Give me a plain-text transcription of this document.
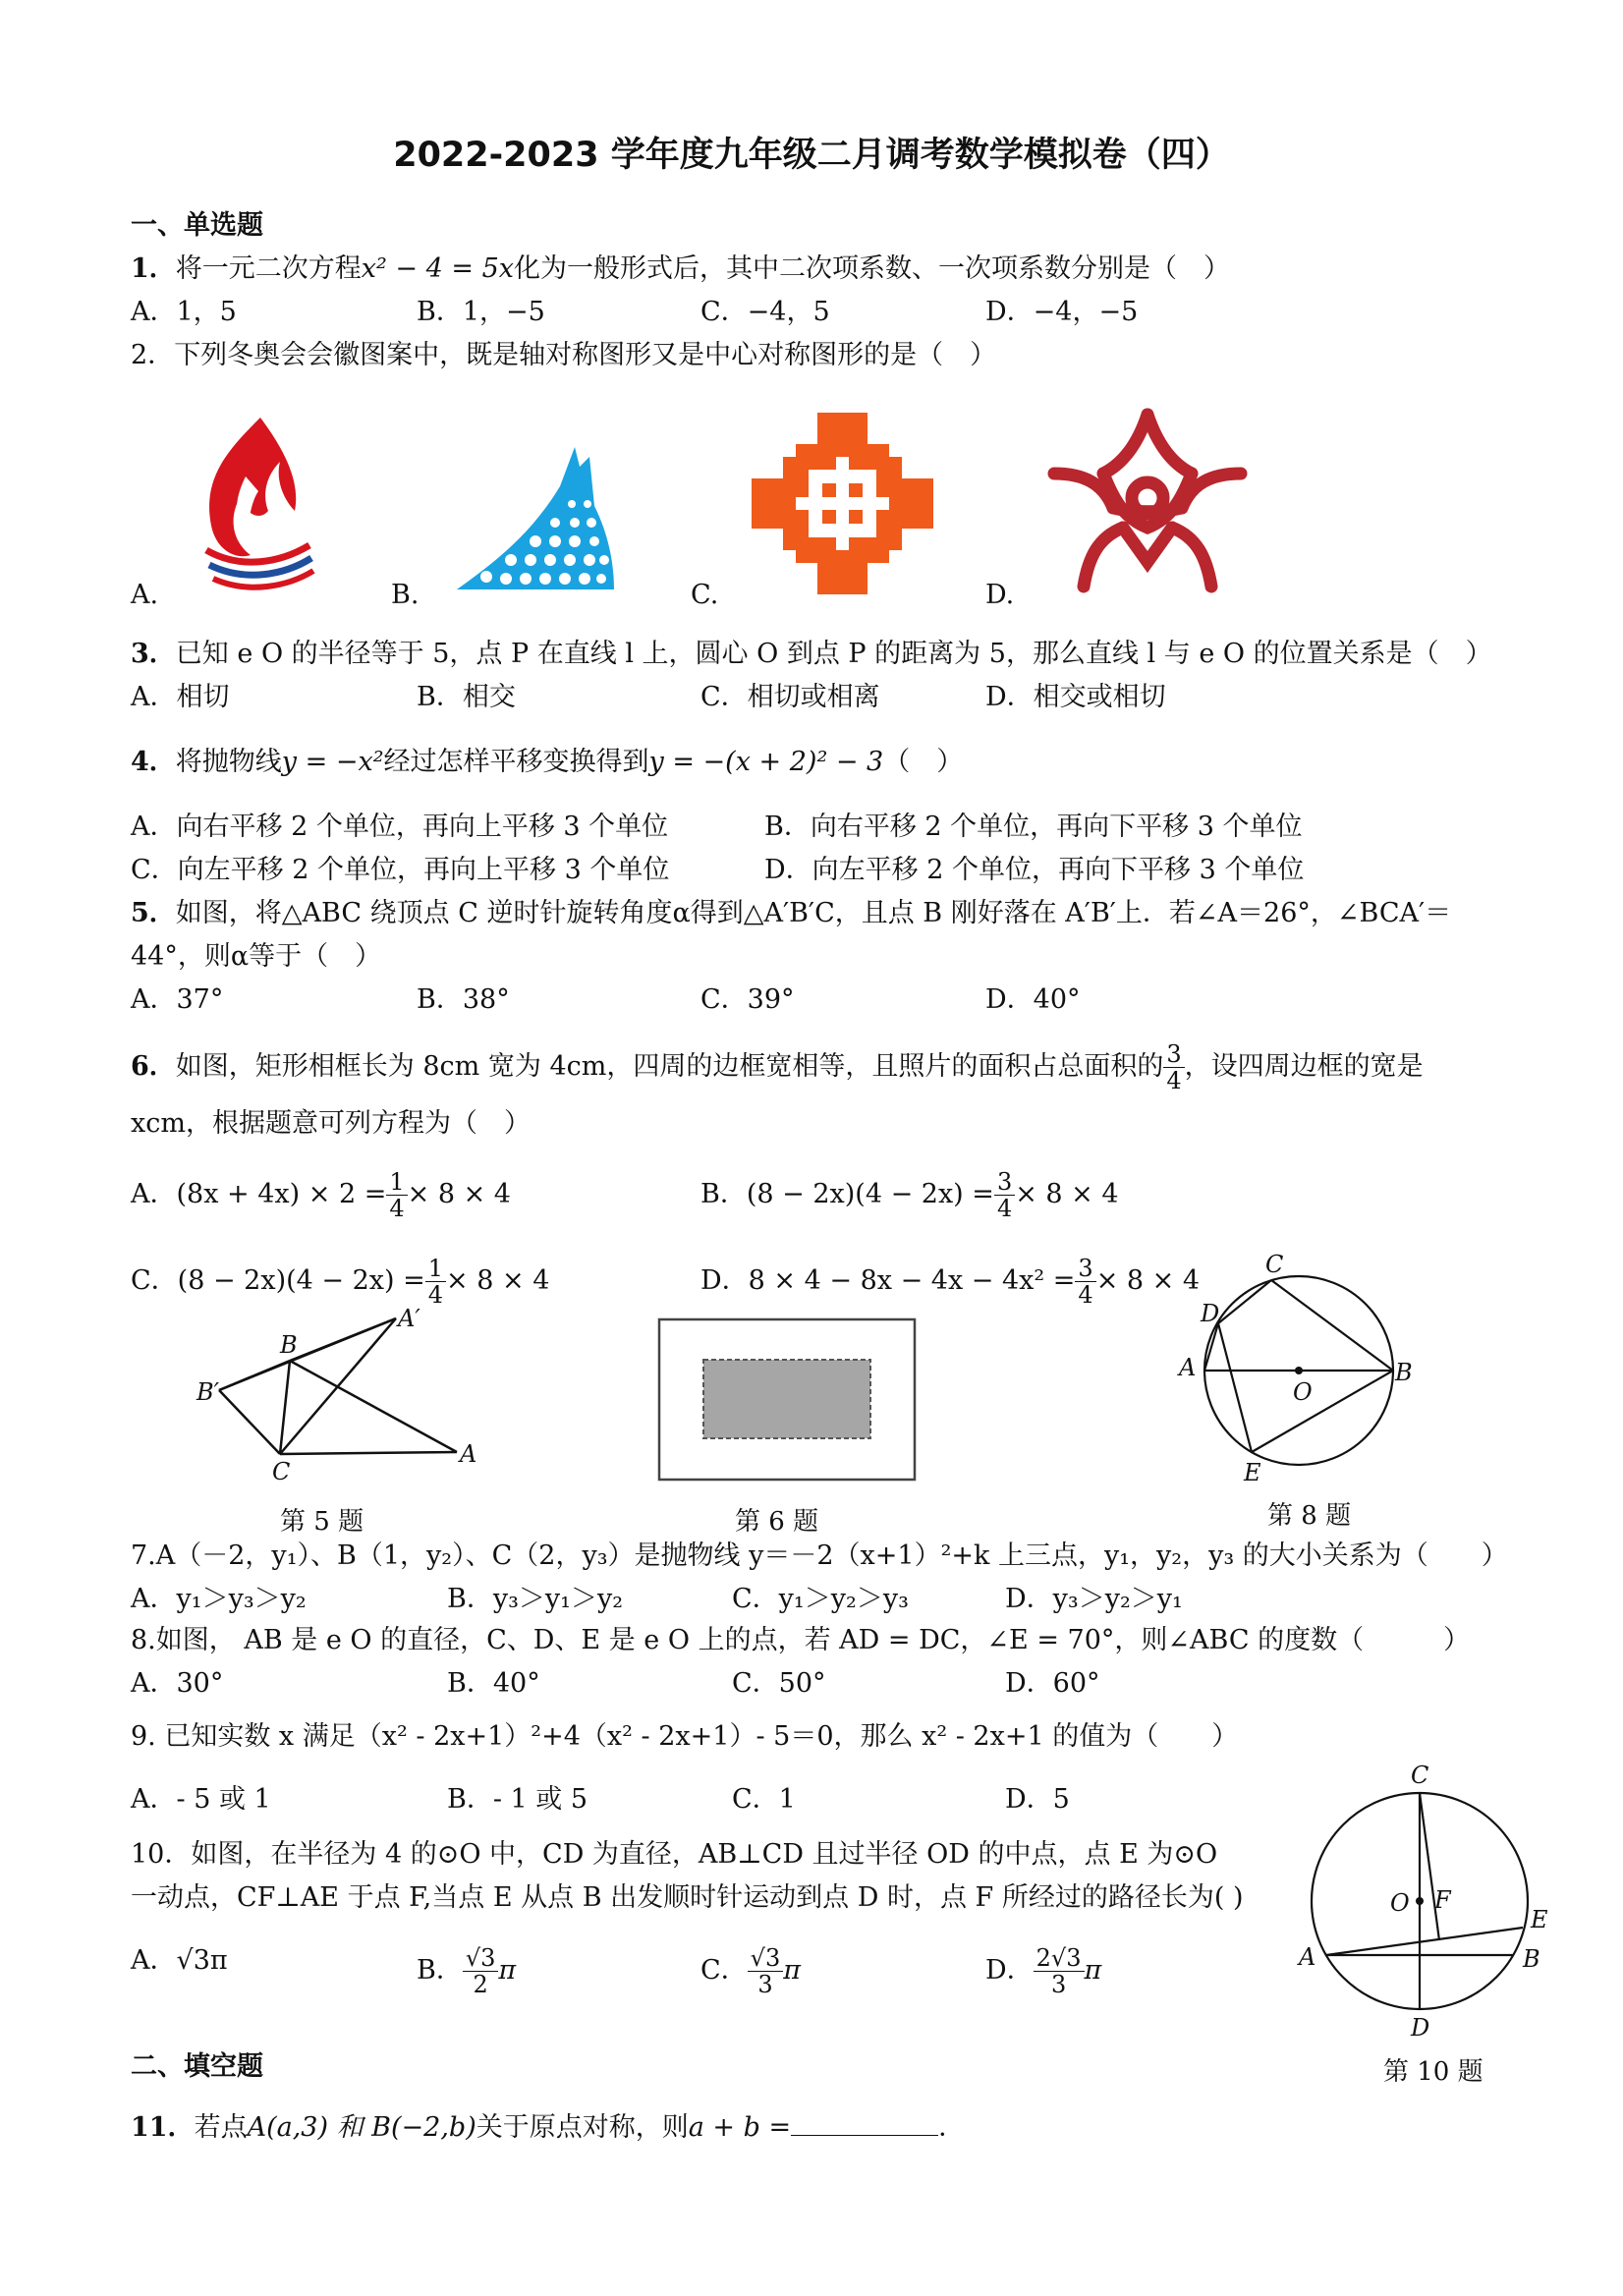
2022-2023 学年度九年级二月调考数学模拟卷（四）
一、单选题
1．将一元二次方程x² − 4 = 5x化为一般形式后，其中二次项系数、一次项系数分别是（　）
A．1，5	B．1，−5	C．−4，5	D．−4，−5
2．下列冬奥会会徽图案中，既是轴对称图形又是中心对称图形的是（　）
A.	B.	C.	D.
3．已知 e O 的半径等于 5，点 P 在直线 l 上，圆心 O 到点 P 的距离为 5，那么直线 l 与 e O 的位置关系是（　）
A．相切	B．相交	C．相切或相离	D．相交或相切
4．将抛物线y = −x²经过怎样平移变换得到y = −(x + 2)² − 3（　）
A．向右平移 2 个单位，再向上平移 3 个单位	B．向右平移 2 个单位，再向下平移 3 个单位
C．向左平移 2 个单位，再向上平移 3 个单位	D．向左平移 2 个单位，再向下平移 3 个单位
5．如图，将△ABC 绕顶点 C 逆时针旋转角度α得到△A′B′C，且点 B 刚好落在 A′B′上．若∠A＝26°，∠BCA′＝
44°，则α等于（　）
A．37°	B．38°	C．39°	D．40°
6．如图，矩形相框长为 8cm 宽为 4cm，四周的边框宽相等，且照片的面积占总面积的 $\frac{3}{4}$ ，设四周边框的宽是
xcm，根据题意可列方程为（　）
A．$(8x + 4x) \times 2 = \frac{1}{4} \times 8 \times 4$	B．$(8 - 2x)(4 - 2x) = \frac{3}{4} \times 8 \times 4$
C．$(8 - 2x)(4 - 2x) = \frac{1}{4} \times 8 \times 4$	D．$8 \times 4 - 8x - 4x - 4x^2 = \frac{3}{4} \times 8 \times 4$
B
B′
C
A
A′
第 5 题	第 6 题
C
D
A
O
B
E
第 8 题
7.A（－2，y₁）、B（1，y₂）、C（2，y₃）是抛物线 y＝－2（x+1）²+k 上三点，y₁，y₂，y₃ 的大小关系为（　　）
A．y₁＞y₃＞y₂	B．y₃＞y₁＞y₂	C．y₁＞y₂＞y₃	D．y₃＞y₂＞y₁
8.如图， AB 是 e O 的直径，C、D、E 是 e O 上的点，若 AD = DC，∠E = 70°，则∠ABC 的度数（　　　）
A．30°	B．40°	C．50°	D．60°
9. 已知实数 x 满足（x² - 2x+1）²+4（x² - 2x+1）- 5＝0，那么 x² - 2x+1 的值为（　　）
A．- 5 或 1	B．- 1 或 5	C．1	D．5
C
O F
E
A	B
D
第 10 题
10．如图，在半径为 4 的⊙O 中，CD 为直径，AB⊥CD 且过半径 OD 的中点，点 E 为⊙O
一动点，CF⊥AE 于点 F,当点 E 从点 B 出发顺时针运动到点 D 时，点 F 所经过的路径长为( )
A．√3π	B． $\frac{√3}{2}$ π	C． $\frac{√3}{3}$ π	D． $\frac{2√3}{3}$ π
二、填空题
11．若点A(a,3) 和 B(−2,b)关于原点对称，则a + b =	．
